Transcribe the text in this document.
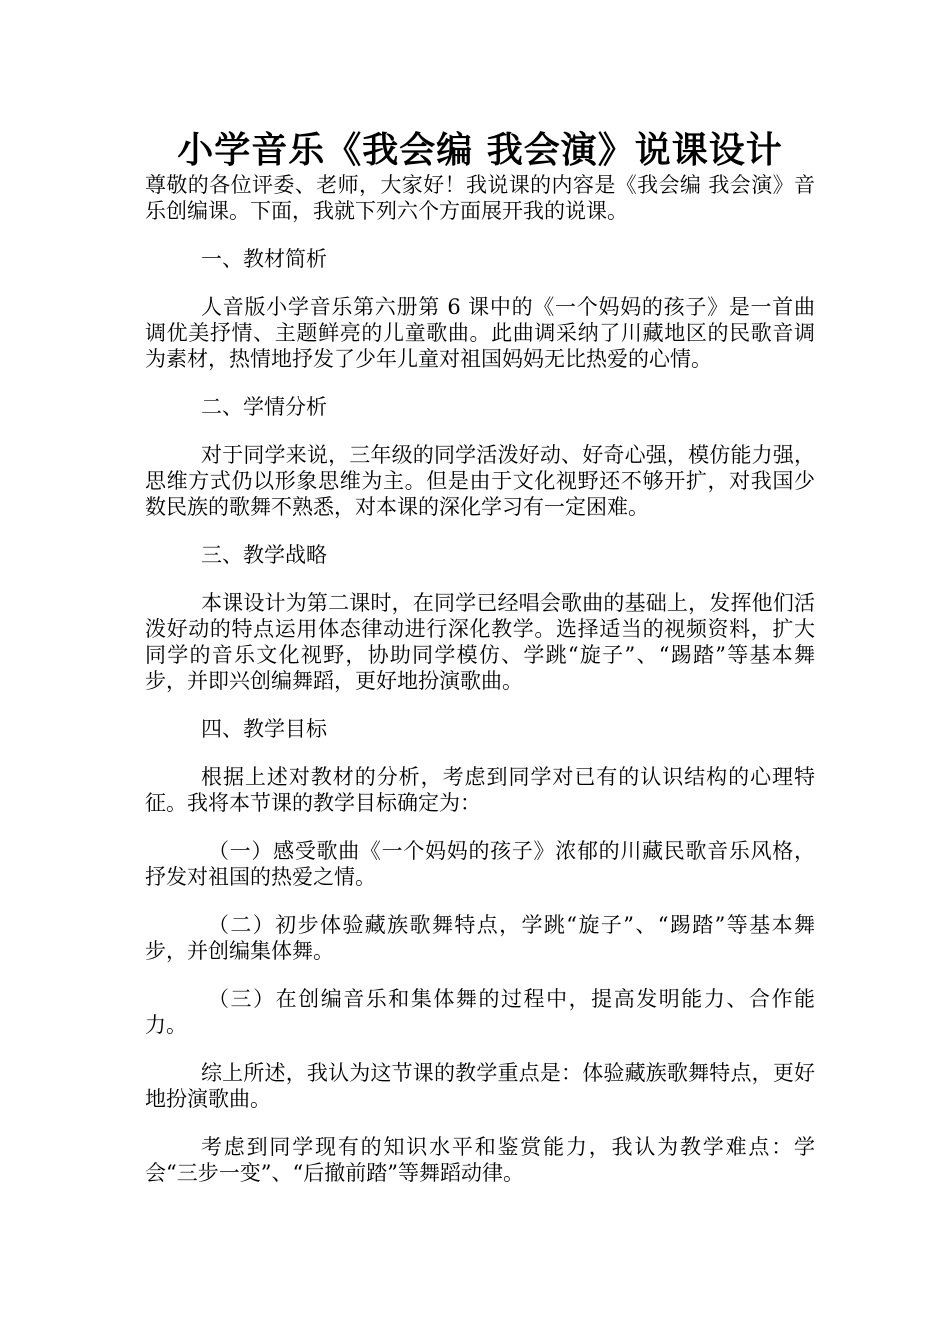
小学音乐《我会编 我会演》说课设计

尊敬的各位评委、老师，大家好！我说课的内容是《我会编 我会演》音乐创编课。下面，我就下列六个方面展开我的说课。

一、教材简析

人音版小学音乐第六册第 6 课中的《一个妈妈的孩子》是一首曲调优美抒情、主题鲜亮的儿童歌曲。此曲调采纳了川藏地区的民歌音调为素材，热情地抒发了少年儿童对祖国妈妈无比热爱的心情。

二、学情分析

对于同学来说，三年级的同学活泼好动、好奇心强，模仿能力强，思维方式仍以形象思维为主。但是由于文化视野还不够开扩，对我国少数民族的歌舞不熟悉，对本课的深化学习有一定困难。

三、教学战略

本课设计为第二课时，在同学已经唱会歌曲的基础上，发挥他们活泼好动的特点运用体态律动进行深化教学。选择适当的视频资料，扩大同学的音乐文化视野，协助同学模仿、学跳“旋子”、“踢踏”等基本舞步，并即兴创编舞蹈，更好地扮演歌曲。

四、教学目标

根据上述对教材的分析，考虑到同学对已有的认识结构的心理特征。我将本节课的教学目标确定为：

（一）感受歌曲《一个妈妈的孩子》浓郁的川藏民歌音乐风格，抒发对祖国的热爱之情。

（二）初步体验藏族歌舞特点，学跳“旋子”、“踢踏”等基本舞步，并创编集体舞。

（三）在创编音乐和集体舞的过程中，提高发明能力、合作能力。

综上所述，我认为这节课的教学重点是：体验藏族歌舞特点，更好地扮演歌曲。

考虑到同学现有的知识水平和鉴赏能力，我认为教学难点：学会“三步一变”、“后撤前踏”等舞蹈动律。
